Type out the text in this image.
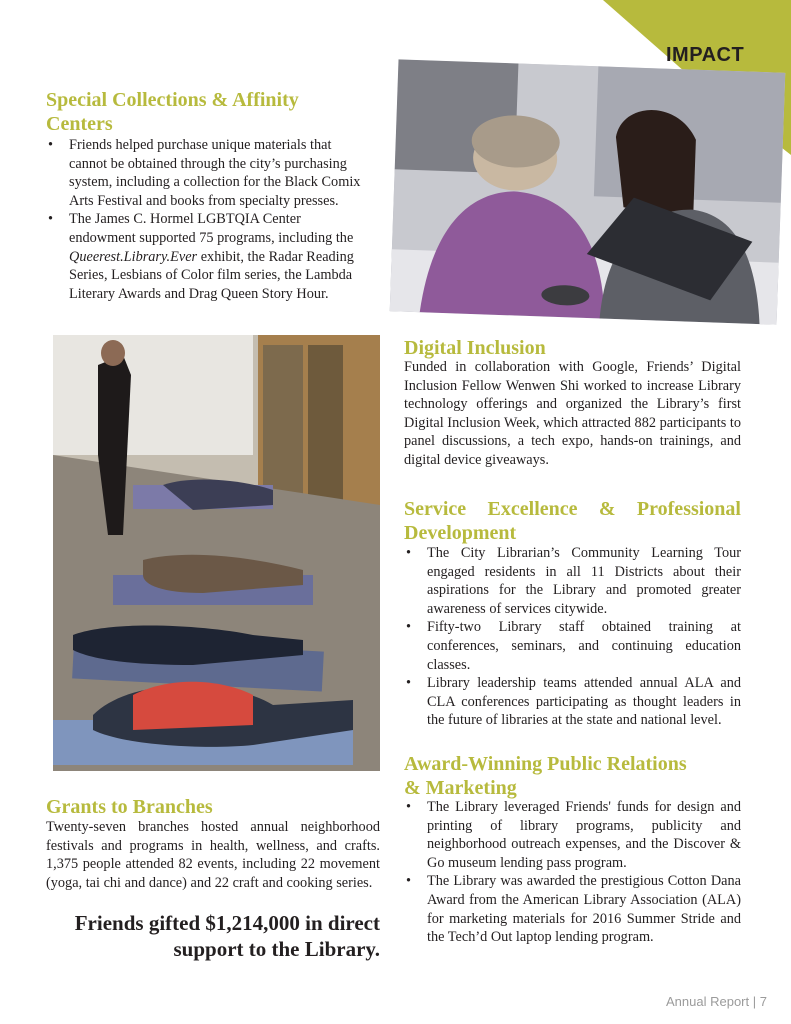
IMPACT
Special Collections & Affinity
Centers
• Friends helped purchase unique materials that
cannot be obtained through the city’s purchasing
system, including a collection for the Black Comix
Arts Festival and books from specialty presses.
• The James C. Hormel LGBTQIA Center
endowment supported 75 programs, including the
Queerest.Library.Ever exhibit, the Radar Reading
Series, Lesbians of Color film series, the Lambda
Literary Awards and Drag Queen Story Hour.
Digital Inclusion

Funded in collaboration with Google, Friends’ Digital Inclusion Fellow Wenwen Shi worked to increase Library technology offerings and organized the Library’s first Digital Inclusion Week, which attracted 882 participants to panel discussions, a tech expo, hands-on trainings, and digital device giveaways.

Service Excellence & Professional
Development
• The City Librarian’s Community Learning Tour engaged residents in all 11 Districts about their aspirations for the Library and promoted greater awareness of services citywide.
• Fifty-two Library staff obtained training at conferences, seminars, and continuing education classes.
• Library leadership teams attended annual ALA and CLA conferences participating as thought leaders in the future of libraries at the state and national level.
Award-Winning Public Relations
& Marketing
• The Library leveraged Friends' funds for design and printing of library programs, publicity and neighborhood outreach expenses, and the Discover & Go museum lending pass program.
• The Library was awarded the prestigious Cotton Dana Award from the American Library Association (ALA) for marketing materials for 2016 Summer Stride and the Tech’d Out laptop lending program.
Grants to Branches

Twenty-seven branches hosted annual neighborhood festivals and programs in health, wellness, and crafts. 1,375 people attended 82 events, including 22 movement (yoga, tai chi and dance) and 22 craft and cooking series.

Friends gifted $1,214,000 in direct
support to the Library.
Annual Report | 7
